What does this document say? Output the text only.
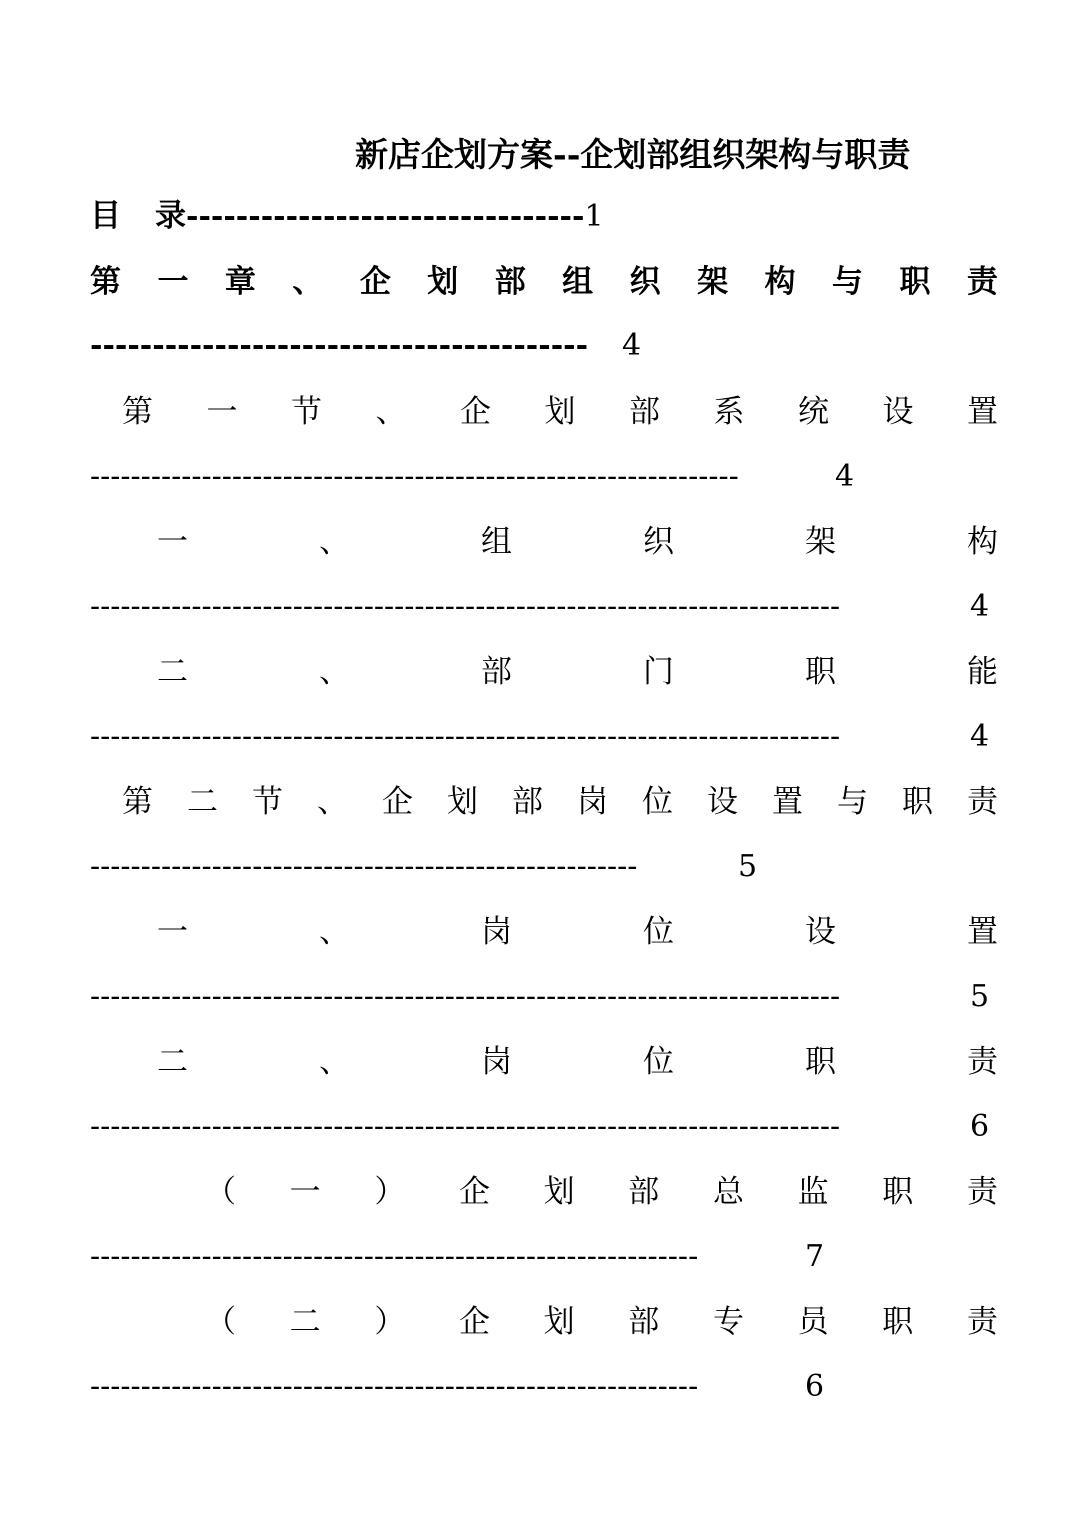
新店企划方案--企划部组织架构与职责
目 录--------------------------------1
第 一 章 、 企 划 部 组 织 架 构 与 职 责
---------------------------------------- 4
第 一 节 、 企 划 部 系 统 设 置
----------------------------------------------------------------	4
一	、	组	织	架	构
--------------------------------------------------------------------------	4
二	、	部	门	职	能
--------------------------------------------------------------------------	4
第 二 节 、 企 划 部 岗 位 设 置 与 职 责
------------------------------------------------------	5
一	、	岗	位	设	置
--------------------------------------------------------------------------	5
二	、	岗	位	职	责
--------------------------------------------------------------------------	6
（ 一 ） 企 划 部 总 监 职 责
------------------------------------------------------------	7
（ 二 ） 企 划 部 专 员 职 责
------------------------------------------------------------	6
